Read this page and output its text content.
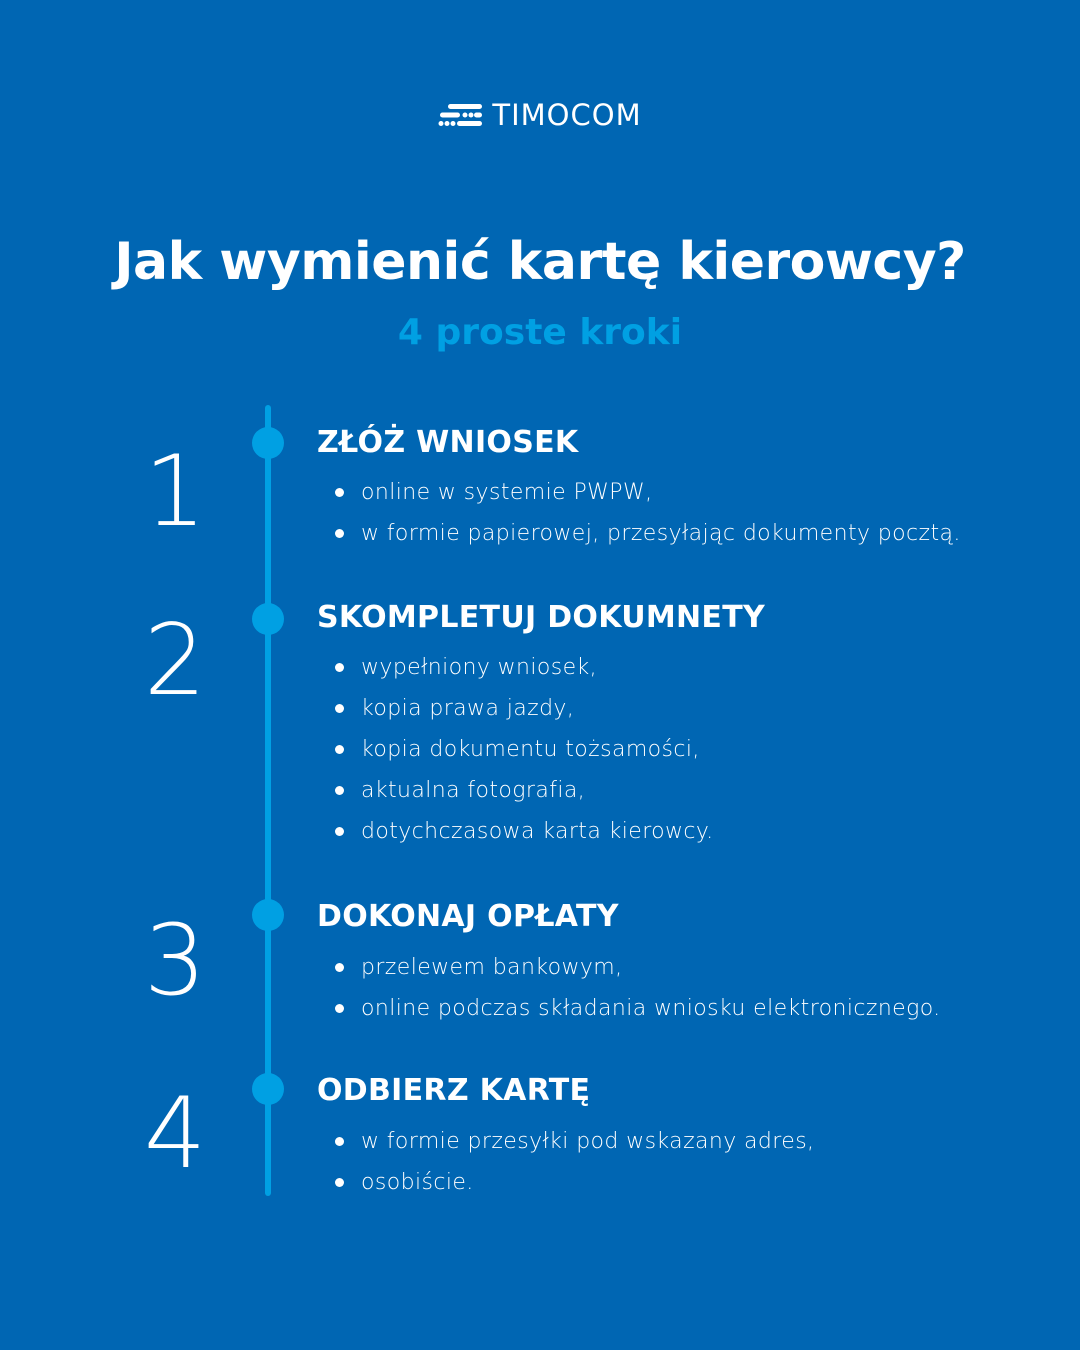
TIMOCOM
Jak wymienić kartę kierowcy?
4 proste kroki
1	ZŁÓŻ WNIOSEK
online w systemie PWPW,
w formie papierowej, przesyłając dokumenty pocztą.
2	SKOMPLETUJ DOKUMNETY
wypełniony wniosek,
kopia prawa jazdy,
kopia dokumentu tożsamości,
aktualna fotografia,
dotychczasowa karta kierowcy.
3	DOKONAJ OPŁATY
przelewem bankowym,
online podczas składania wniosku elektronicznego.
4	ODBIERZ KARTĘ
w formie przesyłki pod wskazany adres,
osobiście.
